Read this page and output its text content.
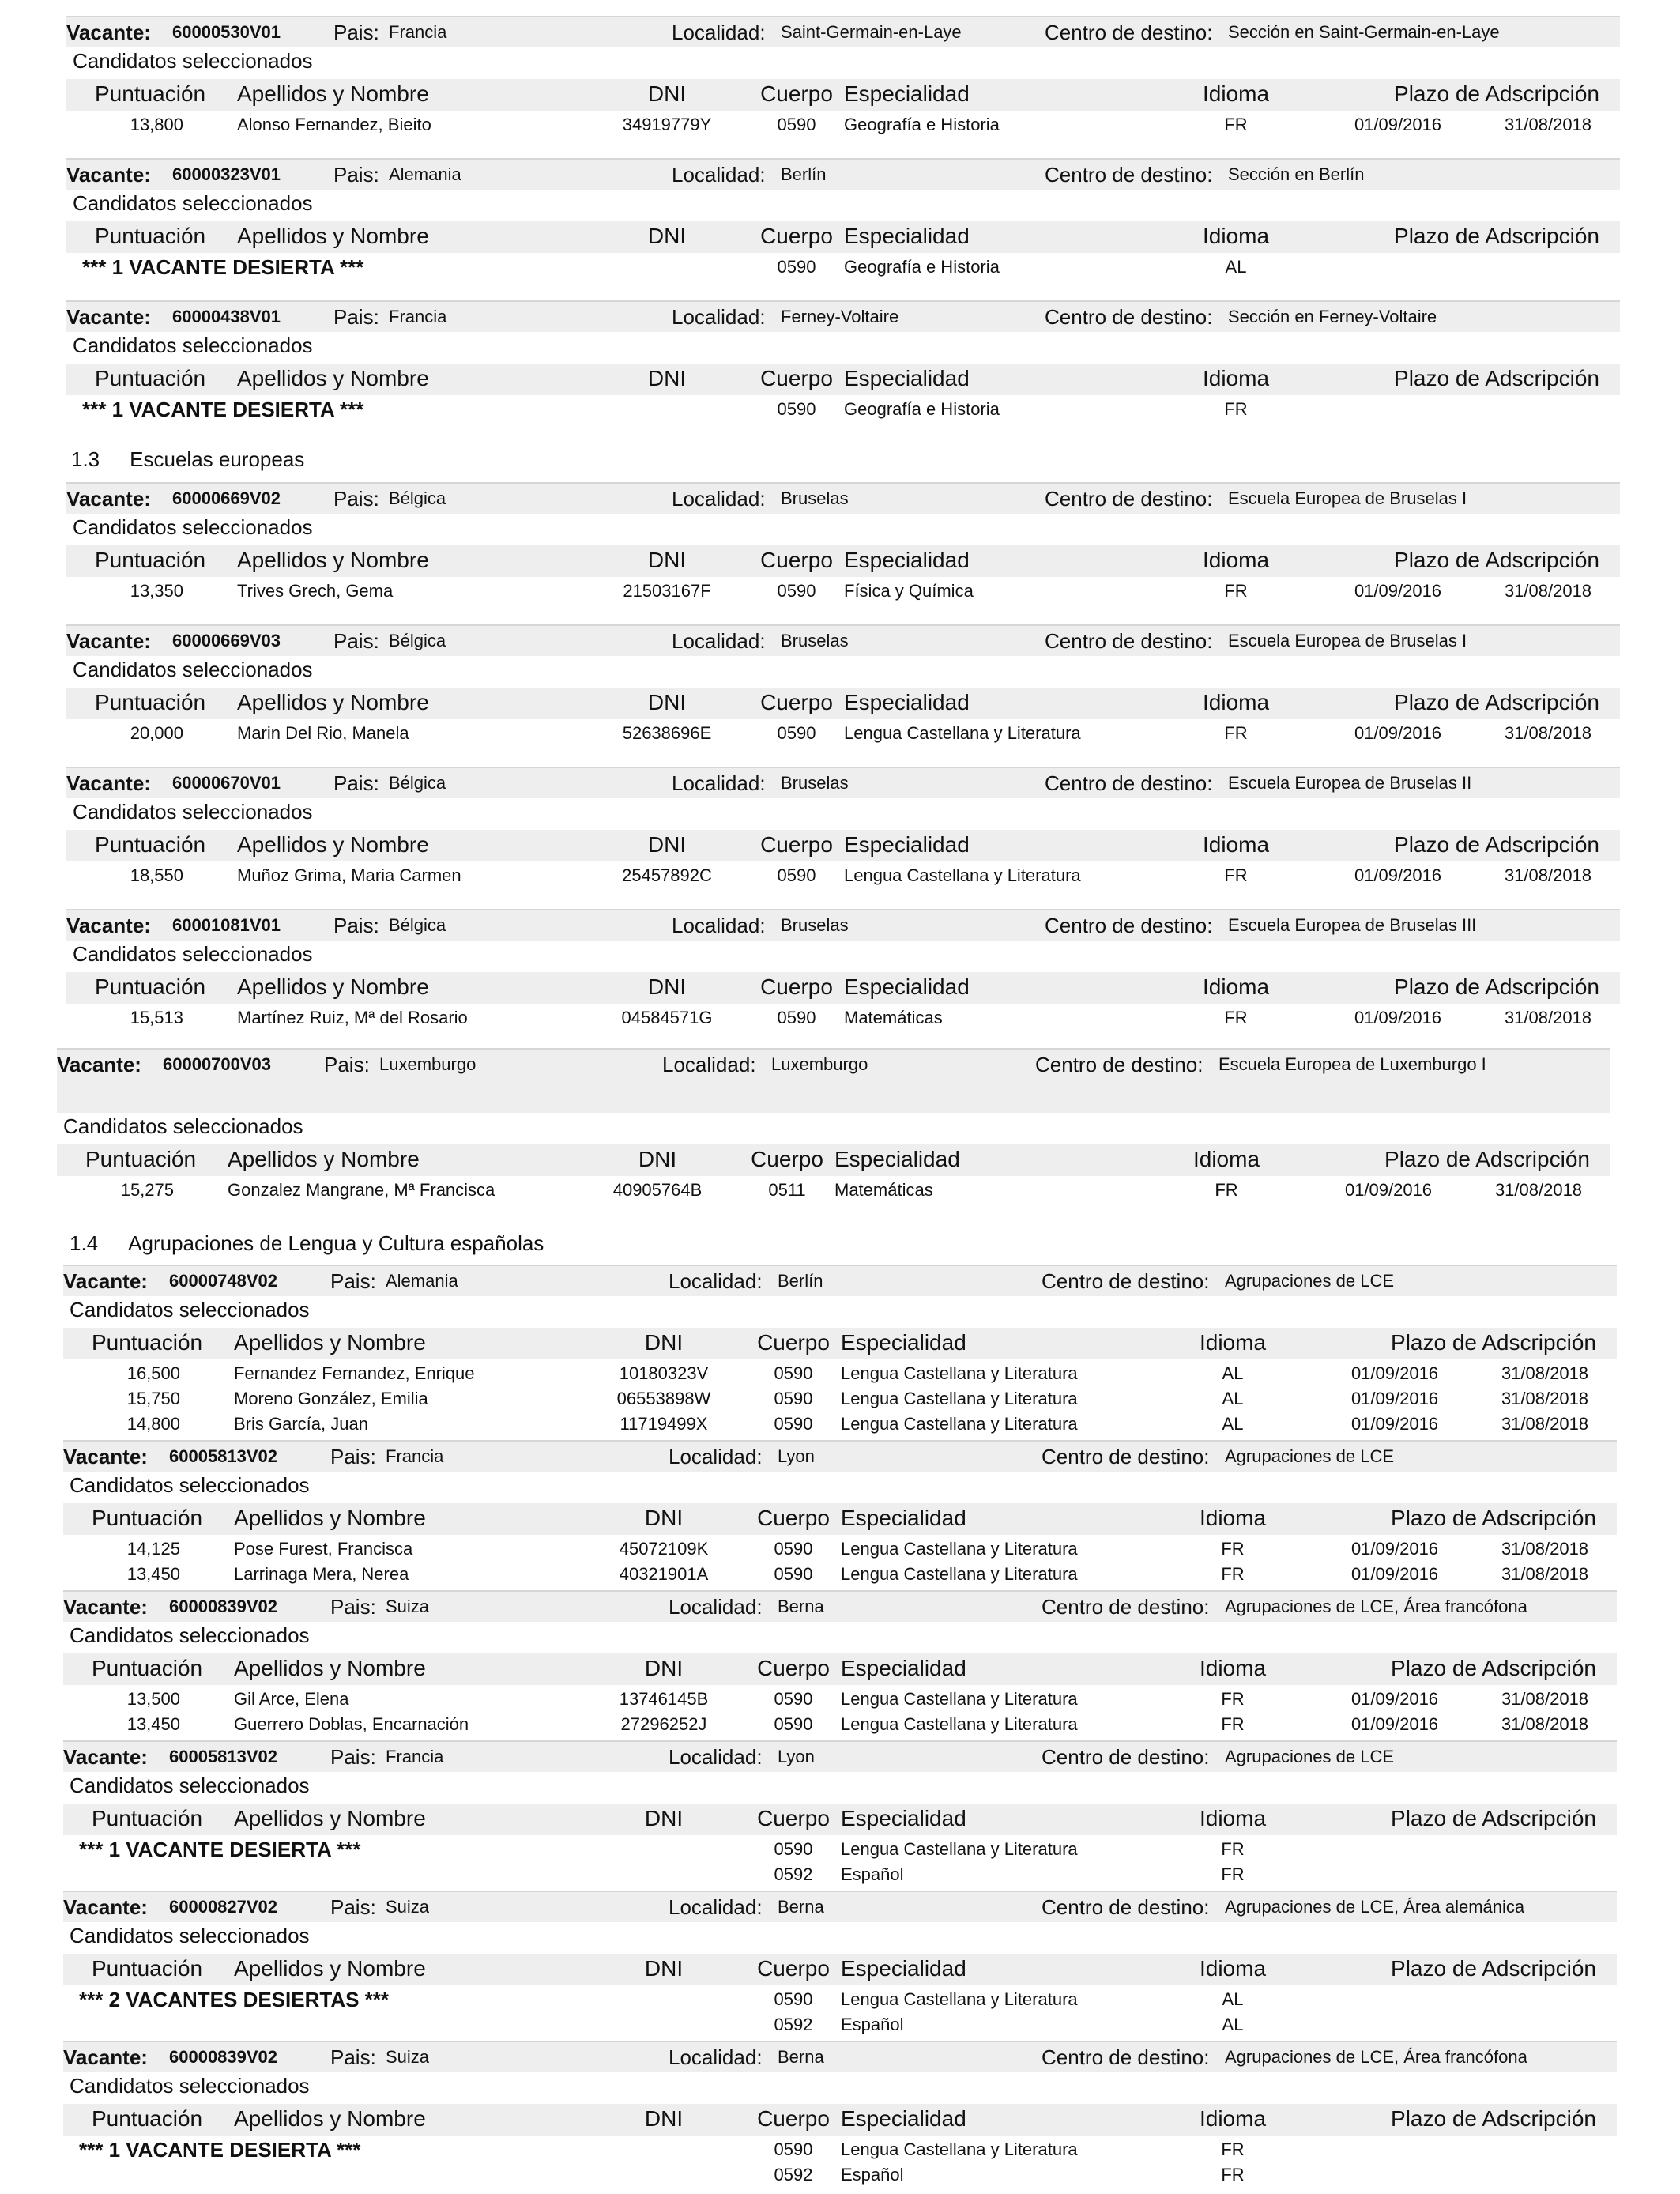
1.3 Escuelas europeas
1.4 Agrupaciones de Lengua y Cultura españolas
Vacante: 60000530V01	Pais: Francia	Localidad: Saint-Germain-en-Laye	Centro de destino: Sección en Saint-Germain-en-Laye
Candidatos seleccionados
Puntuación Apellidos y Nombre	DNI	Cuerpo Especialidad	Idioma	Plazo de Adscripción
13,800	Alonso Fernandez, Bieito	34919779Y	0590	Geografía e Historia	FR	01/09/2016	31/08/2018
Vacante: 60000323V01	Pais: Alemania	Localidad: Berlín	Centro de destino: Sección en Berlín
Candidatos seleccionados
Puntuación Apellidos y Nombre	DNI	Cuerpo Especialidad	Idioma	Plazo de Adscripción
*** 1 VACANTE DESIERTA ***	0590	Geografía e Historia	AL
Vacante: 60000438V01	Pais: Francia	Localidad: Ferney-Voltaire	Centro de destino: Sección en Ferney-Voltaire
Candidatos seleccionados
Puntuación Apellidos y Nombre	DNI	Cuerpo Especialidad	Idioma	Plazo de Adscripción
*** 1 VACANTE DESIERTA ***	0590	Geografía e Historia	FR
Vacante: 60000669V02	Pais: Bélgica	Localidad: Bruselas	Centro de destino: Escuela Europea de Bruselas I
Candidatos seleccionados
Puntuación Apellidos y Nombre	DNI	Cuerpo Especialidad	Idioma	Plazo de Adscripción
13,350	Trives Grech, Gema	21503167F	0590	Física y Química	FR	01/09/2016	31/08/2018
Vacante: 60000669V03	Pais: Bélgica	Localidad: Bruselas	Centro de destino: Escuela Europea de Bruselas I
Candidatos seleccionados
Puntuación Apellidos y Nombre	DNI	Cuerpo Especialidad	Idioma	Plazo de Adscripción
20,000	Marin Del Rio, Manela	52638696E	0590	Lengua Castellana y Literatura	FR	01/09/2016	31/08/2018
Vacante: 60000670V01	Pais: Bélgica	Localidad: Bruselas	Centro de destino: Escuela Europea de Bruselas II
Candidatos seleccionados
Puntuación Apellidos y Nombre	DNI	Cuerpo Especialidad	Idioma	Plazo de Adscripción
18,550	Muñoz Grima, Maria Carmen	25457892C	0590	Lengua Castellana y Literatura	FR	01/09/2016	31/08/2018
Vacante: 60001081V01	Pais: Bélgica	Localidad: Bruselas	Centro de destino: Escuela Europea de Bruselas III
Candidatos seleccionados
Puntuación Apellidos y Nombre	DNI	Cuerpo Especialidad	Idioma	Plazo de Adscripción
15,513	Martínez Ruiz, Mª del Rosario	04584571G	0590	Matemáticas	FR	01/09/2016	31/08/2018
Vacante: 60000700V03	Pais: Luxemburgo	Localidad: Luxemburgo	Centro de destino: Escuela Europea de Luxemburgo I
Candidatos seleccionados
Puntuación Apellidos y Nombre	DNI	Cuerpo Especialidad	Idioma	Plazo de Adscripción
15,275	Gonzalez Mangrane, Mª Francisca	40905764B	0511	Matemáticas	FR	01/09/2016	31/08/2018
Vacante: 60000748V02	Pais: Alemania	Localidad: Berlín	Centro de destino: Agrupaciones de LCE
Candidatos seleccionados
Puntuación Apellidos y Nombre	DNI	Cuerpo Especialidad	Idioma	Plazo de Adscripción
16,500	Fernandez Fernandez, Enrique	10180323V	0590	Lengua Castellana y Literatura	AL	01/09/2016	31/08/2018
15,750	Moreno González, Emilia	06553898W	0590	Lengua Castellana y Literatura	AL	01/09/2016	31/08/2018
14,800	Bris García, Juan	11719499X	0590	Lengua Castellana y Literatura	AL	01/09/2016	31/08/2018
Vacante: 60005813V02	Pais: Francia	Localidad: Lyon	Centro de destino: Agrupaciones de LCE
Candidatos seleccionados
Puntuación Apellidos y Nombre	DNI	Cuerpo Especialidad	Idioma	Plazo de Adscripción
14,125	Pose Furest, Francisca	45072109K	0590	Lengua Castellana y Literatura	FR	01/09/2016	31/08/2018
13,450	Larrinaga Mera, Nerea	40321901A	0590	Lengua Castellana y Literatura	FR	01/09/2016	31/08/2018
Vacante: 60000839V02	Pais: Suiza	Localidad: Berna	Centro de destino: Agrupaciones de LCE, Área francófona
Candidatos seleccionados
Puntuación Apellidos y Nombre	DNI	Cuerpo Especialidad	Idioma	Plazo de Adscripción
13,500	Gil Arce, Elena	13746145B	0590	Lengua Castellana y Literatura	FR	01/09/2016	31/08/2018
13,450	Guerrero Doblas, Encarnación	27296252J	0590	Lengua Castellana y Literatura	FR	01/09/2016	31/08/2018
Vacante: 60005813V02	Pais: Francia	Localidad: Lyon	Centro de destino: Agrupaciones de LCE
Candidatos seleccionados
Puntuación Apellidos y Nombre	DNI	Cuerpo Especialidad	Idioma	Plazo de Adscripción
*** 1 VACANTE DESIERTA ***	0590	Lengua Castellana y Literatura	FR
0592	Español	FR
Vacante: 60000827V02	Pais: Suiza	Localidad: Berna	Centro de destino: Agrupaciones de LCE, Área alemánica
Candidatos seleccionados
Puntuación Apellidos y Nombre	DNI	Cuerpo Especialidad	Idioma	Plazo de Adscripción
*** 2 VACANTES DESIERTAS ***	0590	Lengua Castellana y Literatura	AL
0592	Español	AL
Vacante: 60000839V02	Pais: Suiza	Localidad: Berna	Centro de destino: Agrupaciones de LCE, Área francófona
Candidatos seleccionados
Puntuación Apellidos y Nombre	DNI	Cuerpo Especialidad	Idioma	Plazo de Adscripción
*** 1 VACANTE DESIERTA ***	0590	Lengua Castellana y Literatura	FR
0592	Español	FR
